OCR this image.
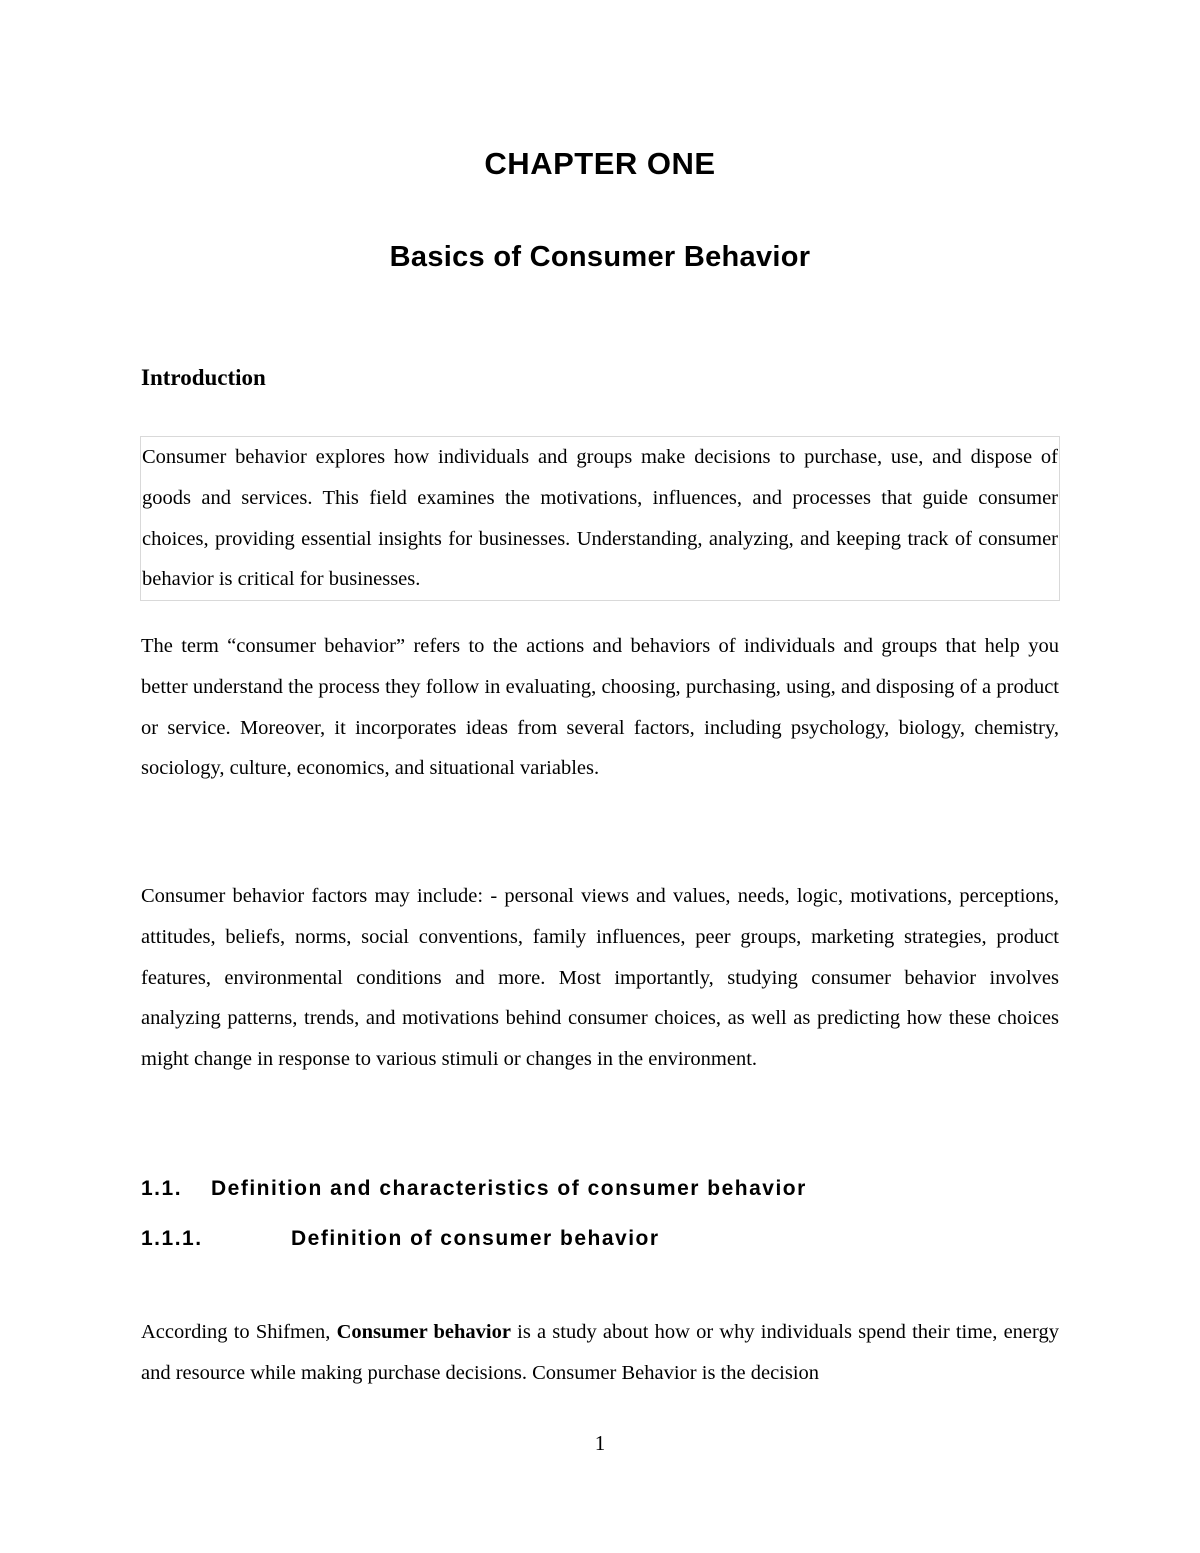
CHAPTER ONE
Basics of Consumer Behavior
Introduction

Consumer behavior explores how individuals and groups make decisions to purchase, use, and dispose of goods and services. This field examines the motivations, influences, and processes that guide consumer choices, providing essential insights for businesses. Understanding, analyzing, and keeping track of consumer behavior is critical for businesses.

The term “consumer behavior” refers to the actions and behaviors of individuals and groups that help you better understand the process they follow in evaluating, choosing, purchasing, using, and disposing of a product or service. Moreover, it incorporates ideas from several factors, including psychology, biology, chemistry, sociology, culture, economics, and situational variables.

Consumer behavior factors may include: - personal views and values, needs, logic, motivations, perceptions, attitudes, beliefs, norms, social conventions, family influences, peer groups, marketing strategies, product features, environmental conditions and more. Most importantly, studying consumer behavior involves analyzing patterns, trends, and motivations behind consumer choices, as well as predicting how these choices might change in response to various stimuli or changes in the environment.

1.1. Definition and characteristics of consumer behavior
1.1.1.	Definition of consumer behavior

According to Shifmen, Consumer behavior is a study about how or why individuals spend their time, energy and resource while making purchase decisions. Consumer Behavior is the decision

1
